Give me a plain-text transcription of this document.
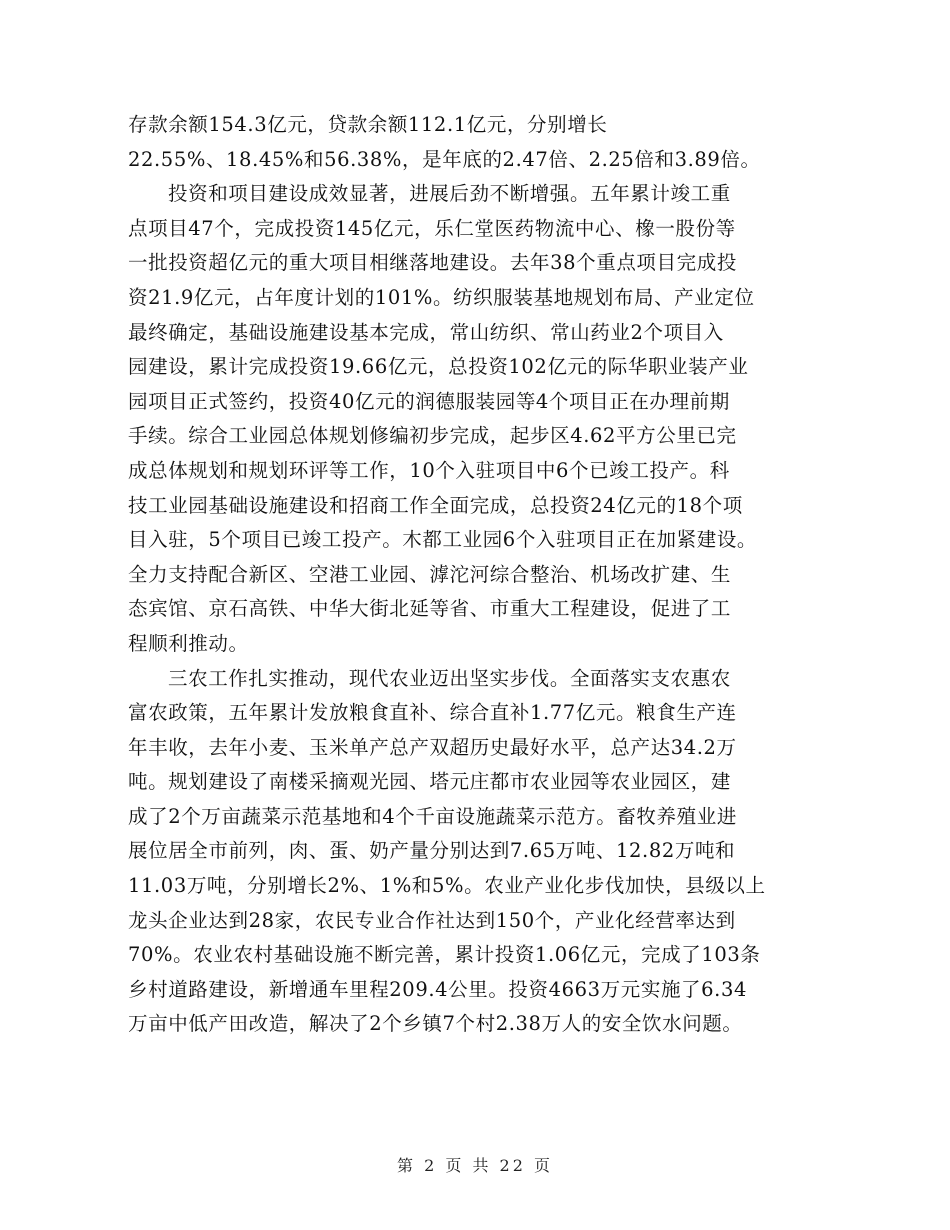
存款余额154.3亿元，贷款余额112.1亿元，分别增长
22.55%、18.45%和56.38%，是年底的2.47倍、2.25倍和3.89倍。
投资和项目建设成效显著，进展后劲不断增强。五年累计竣工重
点项目47个，完成投资145亿元，乐仁堂医药物流中心、橡一股份等
一批投资超亿元的重大项目相继落地建设。去年38个重点项目完成投
资21.9亿元，占年度计划的101%。纺织服装基地规划布局、产业定位
最终确定，基础设施建设基本完成，常山纺织、常山药业2个项目入
园建设，累计完成投资19.66亿元，总投资102亿元的际华职业装产业
园项目正式签约，投资40亿元的润德服装园等4个项目正在办理前期
手续。综合工业园总体规划修编初步完成，起步区4.62平方公里已完
成总体规划和规划环评等工作，10个入驻项目中6个已竣工投产。科
技工业园基础设施建设和招商工作全面完成，总投资24亿元的18个项
目入驻，5个项目已竣工投产。木都工业园6个入驻项目正在加紧建设。
全力支持配合新区、空港工业园、滹沱河综合整治、机场改扩建、生
态宾馆、京石高铁、中华大街北延等省、市重大工程建设，促进了工
程顺利推动。
三农工作扎实推动，现代农业迈出坚实步伐。全面落实支农惠农
富农政策，五年累计发放粮食直补、综合直补1.77亿元。粮食生产连
年丰收，去年小麦、玉米单产总产双超历史最好水平，总产达34.2万
吨。规划建设了南楼采摘观光园、塔元庄都市农业园等农业园区，建
成了2个万亩蔬菜示范基地和4个千亩设施蔬菜示范方。畜牧养殖业进
展位居全市前列，肉、蛋、奶产量分别达到7.65万吨、12.82万吨和
11.03万吨，分别增长2%、1%和5%。农业产业化步伐加快，县级以上
龙头企业达到28家，农民专业合作社达到150个，产业化经营率达到
70%。农业农村基础设施不断完善，累计投资1.06亿元，完成了103条
乡村道路建设，新增通车里程209.4公里。投资4663万元实施了6.34
万亩中低产田改造，解决了2个乡镇7个村2.38万人的安全饮水问题。
第 2 页 共 22 页
